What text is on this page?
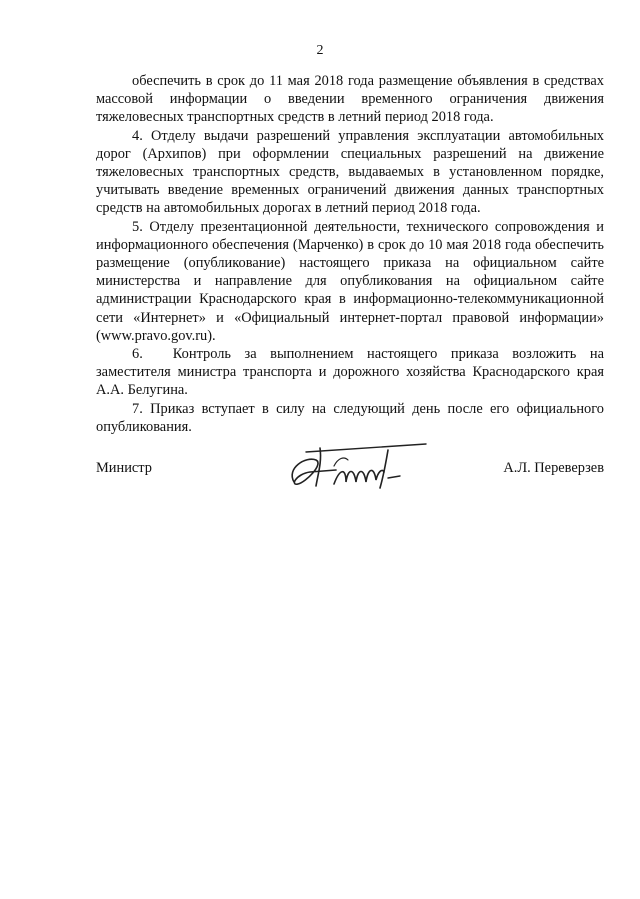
2

обеспечить в срок до 11 мая 2018 года размещение объявления в средствах массовой информации о введении временного ограничения движения тяжеловесных транспортных средств в летний период 2018 года.

4. Отделу выдачи разрешений управления эксплуатации автомобильных дорог (Архипов) при оформлении специальных разрешений на движение тяжеловесных транспортных средств, выдаваемых в установленном порядке, учитывать введение временных ограничений движения данных транспортных средств на автомобильных дорогах в летний период 2018 года.

5. Отделу презентационной деятельности, технического сопровождения и информационного обеспечения (Марченко) в срок до 10 мая 2018 года обеспечить размещение (опубликование) настоящего приказа на официальном сайте министерства и направление для опубликования на официальном сайте администрации Краснодарского края в информационно-телекоммуникационной сети «Интернет» и «Официальный интернет-портал правовой информации» (www.pravo.gov.ru).

6. Контроль за выполнением настоящего приказа возложить на заместителя министра транспорта и дорожного хозяйства Краснодарского края А.А. Белугина.

7. Приказ вступает в силу на следующий день после его официального опубликования.

Министр	А.Л. Переверзев
